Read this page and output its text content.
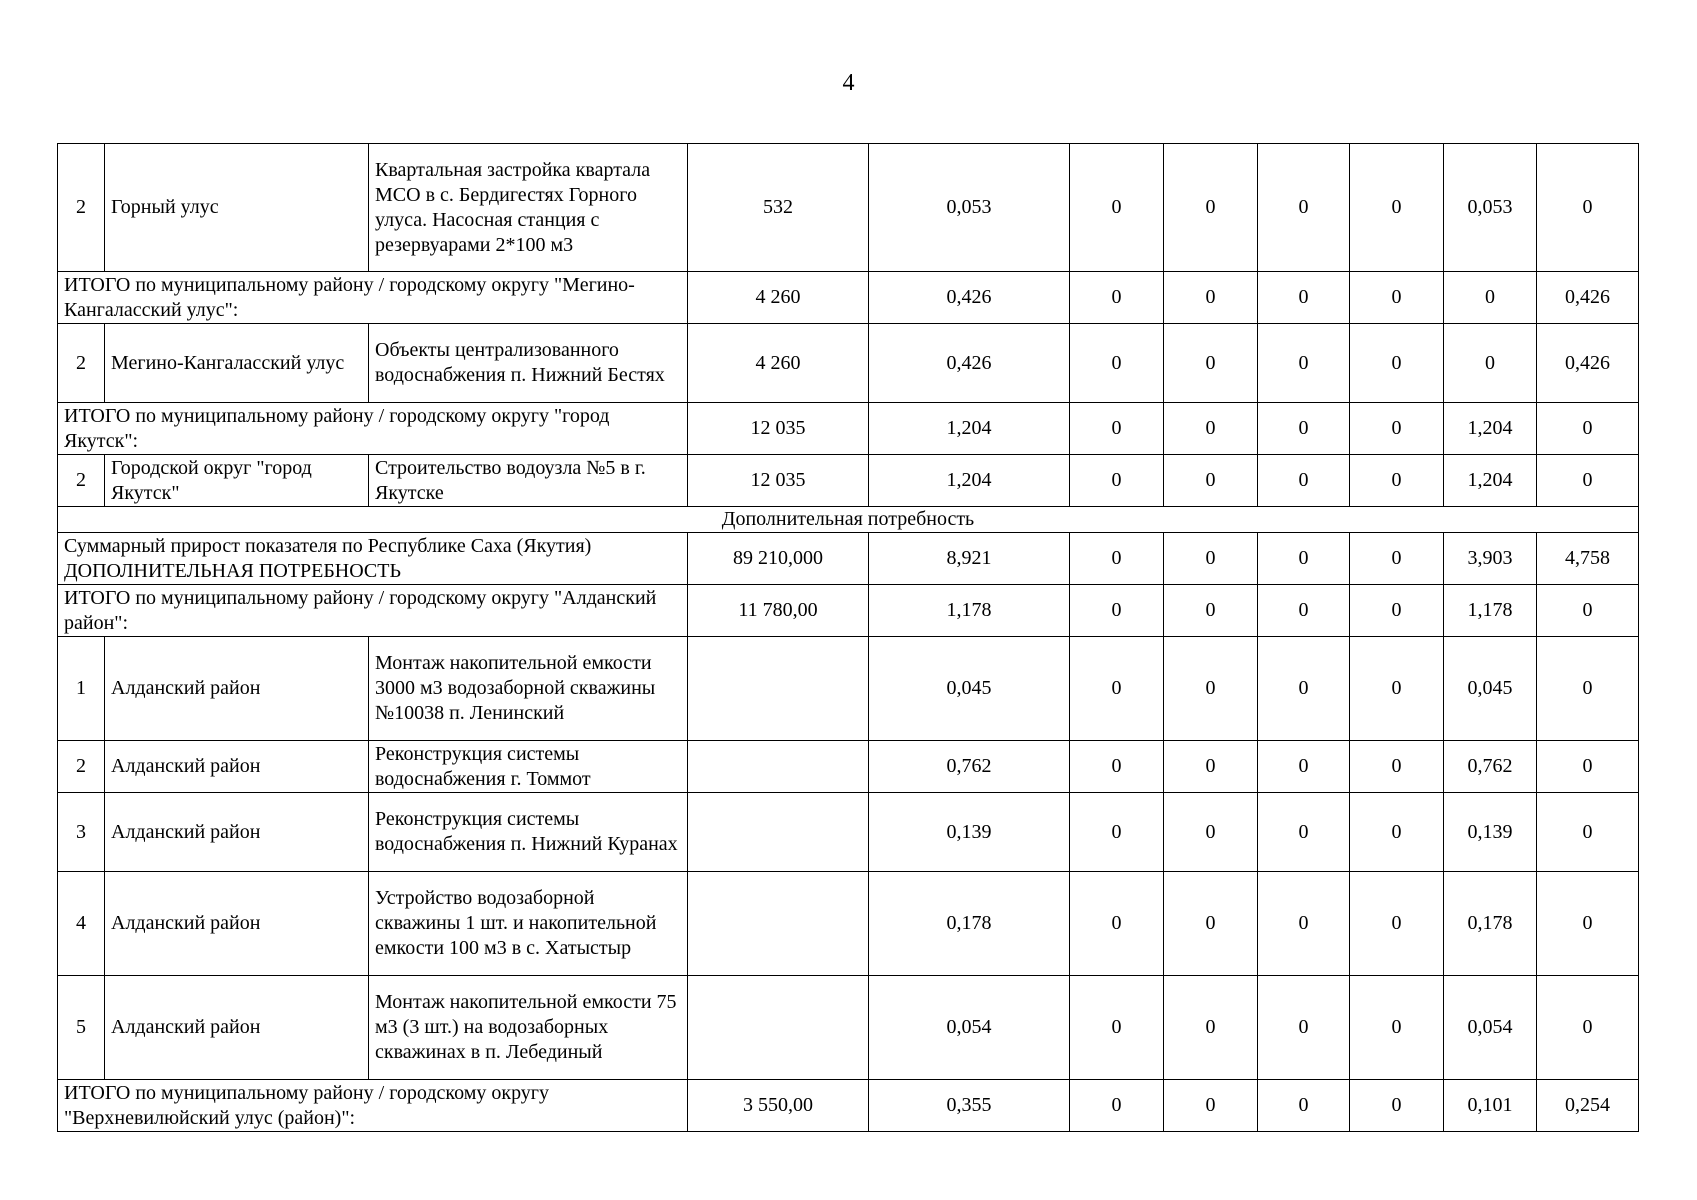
4
2	Горный улус	Квартальная застройка квартала МСО в с. Бердигестях Горного улуса. Насосная станция с резервуарами 2*100 м3	532	0,053	0	0	0	0	0,053	0
ИТОГО по муниципальному району / городскому округу "Мегино-Кангаласский улус":			4 260	0,426	0	0	0	0	0	0,426
2	Мегино-Кангаласский улус	Объекты централизованного водоснабжения п. Нижний Бестях	4 260	0,426	0	0	0	0	0	0,426
ИТОГО по муниципальному району / городскому округу "город Якутск":			12 035	1,204	0	0	0	0	1,204	0
2	Городской округ "город Якутск"	Строительство водоузла №5 в г. Якутске	12 035	1,204	0	0	0	0	1,204	0
Дополнительная потребность										
Суммарный прирост показателя по Республике Саха (Якутия) ДОПОЛНИТЕЛЬНАЯ ПОТРЕБНОСТЬ			89 210,000	8,921	0	0	0	0	3,903	4,758
ИТОГО по муниципальному району / городскому округу "Алданский район":			11 780,00	1,178	0	0	0	0	1,178	0
1	Алданский район	Монтаж накопительной емкости 3000 м3 водозаборной скважины №10038 п. Ленинский		0,045	0	0	0	0	0,045	0
2	Алданский район	Реконструкция системы водоснабжения г. Томмот		0,762	0	0	0	0	0,762	0
3	Алданский район	Реконструкция системы водоснабжения п. Нижний Куранах		0,139	0	0	0	0	0,139	0
4	Алданский район	Устройство водозаборной скважины 1 шт. и накопительной емкости 100 м3 в с. Хатыстыр		0,178	0	0	0	0	0,178	0
5	Алданский район	Монтаж накопительной емкости 75 м3 (3 шт.) на водозаборных скважинах в п. Лебединый		0,054	0	0	0	0	0,054	0
ИТОГО по муниципальному району / городскому округу "Верхневилюйский улус (район)":			3 550,00	0,355	0	0	0	0	0,101	0,254
